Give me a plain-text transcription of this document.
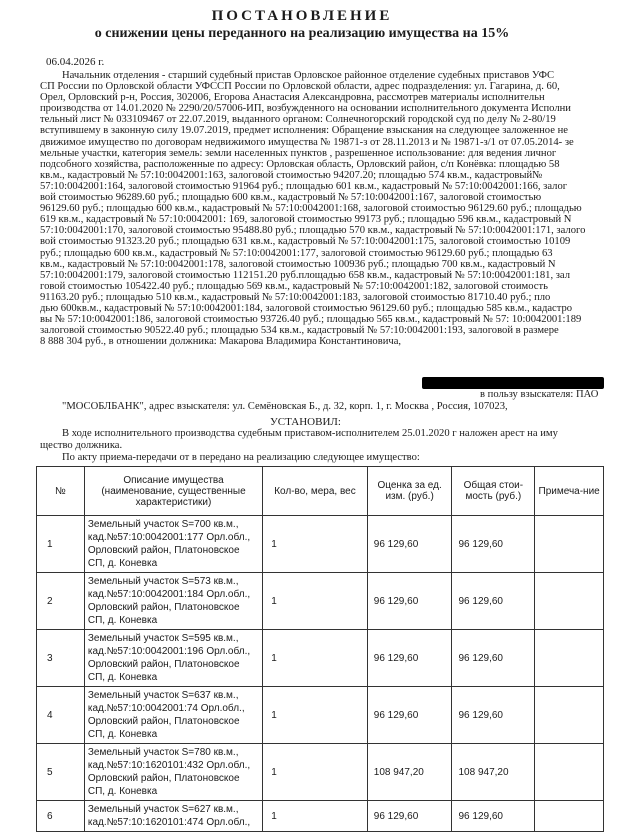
ПОСТАНОВЛЕНИЕ
о снижении цены переданного на реализацию имущества на 15%
06.04.2026 г.
Начальник отделения - старший судебный пристав Орловское районное отделение судебных приставов УФС
СП России по Орловской области УФССП России по Орловской области, адрес подразделения: ул. Гагарина, д. 60,
Орел, Орловский р-н, Россия, 302006, Егорова Анастасия Александровна, рассмотрев материалы исполнительн
производства от 14.01.2020 № 2290/20/57006-ИП, возбужденного на основании исполнительного документа Исполни
тельный лист № 033109467 от 22.07.2019, выданного органом: Солнечногорский городской суд по делу № 2-80/19
вступившему в законную силу 19.07.2019, предмет исполнения: Обращение взыскания на следующее заложенное не
движимое имущество по договорам недвижимого имущества № 19871-з от 28.11.2013 и № 19871-з/1 от 07.05.2014- зе
мельные участки, категория земель: земли населенных пунктов , разрешенное использование: для ведения личног
подсобного хозяйства, расположенные по адресу: Орловская область, Орловский район, с/п Конёвка: площадью 58
кв.м., кадастровый № 57:10:0042001:163, залоговой стоимостью 94207.20; площадью 574 кв.м., кадастровый№
57:10:0042001:164, залоговой стоимостью 91964 руб.; площадью 601 кв.м., кадастровый № 57:10:0042001:166, залог
вой стоимостью 96289.60 руб.; площадью 600 кв.м., кадастровый № 57:10:0042001:167, залоговой стоимостью
96129.60 руб.; площадью 600 кв.м., кадастровый № 57:10:0042001:168, залоговой стоимостью 96129.60 руб.; площадью
619 кв.м., кадастровый № 57:10:0042001: 169, залоговой стоимостью 99173 руб.; площадью 596 кв.м., кадастровый N
57:10:0042001:170, залоговой стоимостью 95488.80 руб.; площадью 570 кв.м., кадастровый № 57:10:0042001:171, залого
вой стоимостью 91323.20 руб.; площадью 631 кв.м., кадастровый № 57:10:0042001:175, залоговой стоимостью 10109
руб.; площадью 600 кв.м., кадастровый № 57:10:0042001:177, залоговой стоимостью 96129.60 руб.; площадью 63
кв.м., кадастровый № 57:10:0042001:178, залоговой стоимостью 100936 руб.; площадью 700 кв.м., кадастровый N
57:10:0042001:179, залоговой стоимостью 112151.20 руб.площадью 658 кв.м., кадастровый № 57:10:0042001:181, зал
говой стоимостью 105422.40 руб.; площадью 569 кв.м., кадастровый № 57:10:0042001:182, залоговой стоимость
91163.20 руб.; площадью 510 кв.м., кадастровый № 57:10:0042001:183, залоговой стоимостью 81710.40 руб.; пло
дью 600кв.м., кадастровый № 57:10:0042001:184, залоговой стоимостью 96129.60 руб.; площадью 585 кв.м., кадастро
вы № 57:10:0042001:186, залоговой стоимостью 93726.40 руб.; площадью 565 кв.м., кадастровый № 57: 10:0042001:189
залоговой стоимостью 90522.40 руб.; площадью 534 кв.м., кадастровый № 57:10:0042001:193, залоговой в размере
8 888 304 руб., в отношении должника: Макарова Владимира Константиновича,
в пользу взыскателя: ПАО
"МОСОБЛБАНК", адрес взыскателя: ул. Семёновская Б., д. 32, корп. 1, г. Москва , Россия, 107023,
УСТАНОВИЛ:
В ходе исполнительного производства судебным приставом-исполнителем 25.01.2020 г наложен арест на иму
щество должника.
По акту приема-передачи от в передано на реализацию следующее имущество:
№	Описание имущества (наименование, существенные характеристики)	Кол-во, мера, вес	Оценка за ед. изм. (руб.)	Общая стои-мость (руб.)	Примеча-ние
1	Земельный участок S=700 кв.м., кад.№57:10:0042001:177 Орл.обл., Орловский район, Платоновское СП, д. Коневка	1	96 129,60	96 129,60	
2	Земельный участок S=573 кв.м., кад.№57:10:0042001:184 Орл.обл., Орловский район, Платоновское СП, д. Коневка	1	96 129,60	96 129,60	
3	Земельный участок S=595 кв.м., кад.№57:10:0042001:196 Орл.обл., Орловский район, Платоновское СП, д. Коневка	1	96 129,60	96 129,60	
4	Земельный участок S=637 кв.м., кад.№57:10:0042001:74 Орл.обл., Орловский район, Платоновское СП, д. Коневка	1	96 129,60	96 129,60	
5	Земельный участок S=780 кв.м., кад.№57:10:1620101:432 Орл.обл., Орловский район, Платоновское СП, д. Коневка	1	108 947,20	108 947,20	
6	Земельный участок S=627 кв.м., кад.№57:10:1620101:474 Орл.обл.,	1	96 129,60	96 129,60	
